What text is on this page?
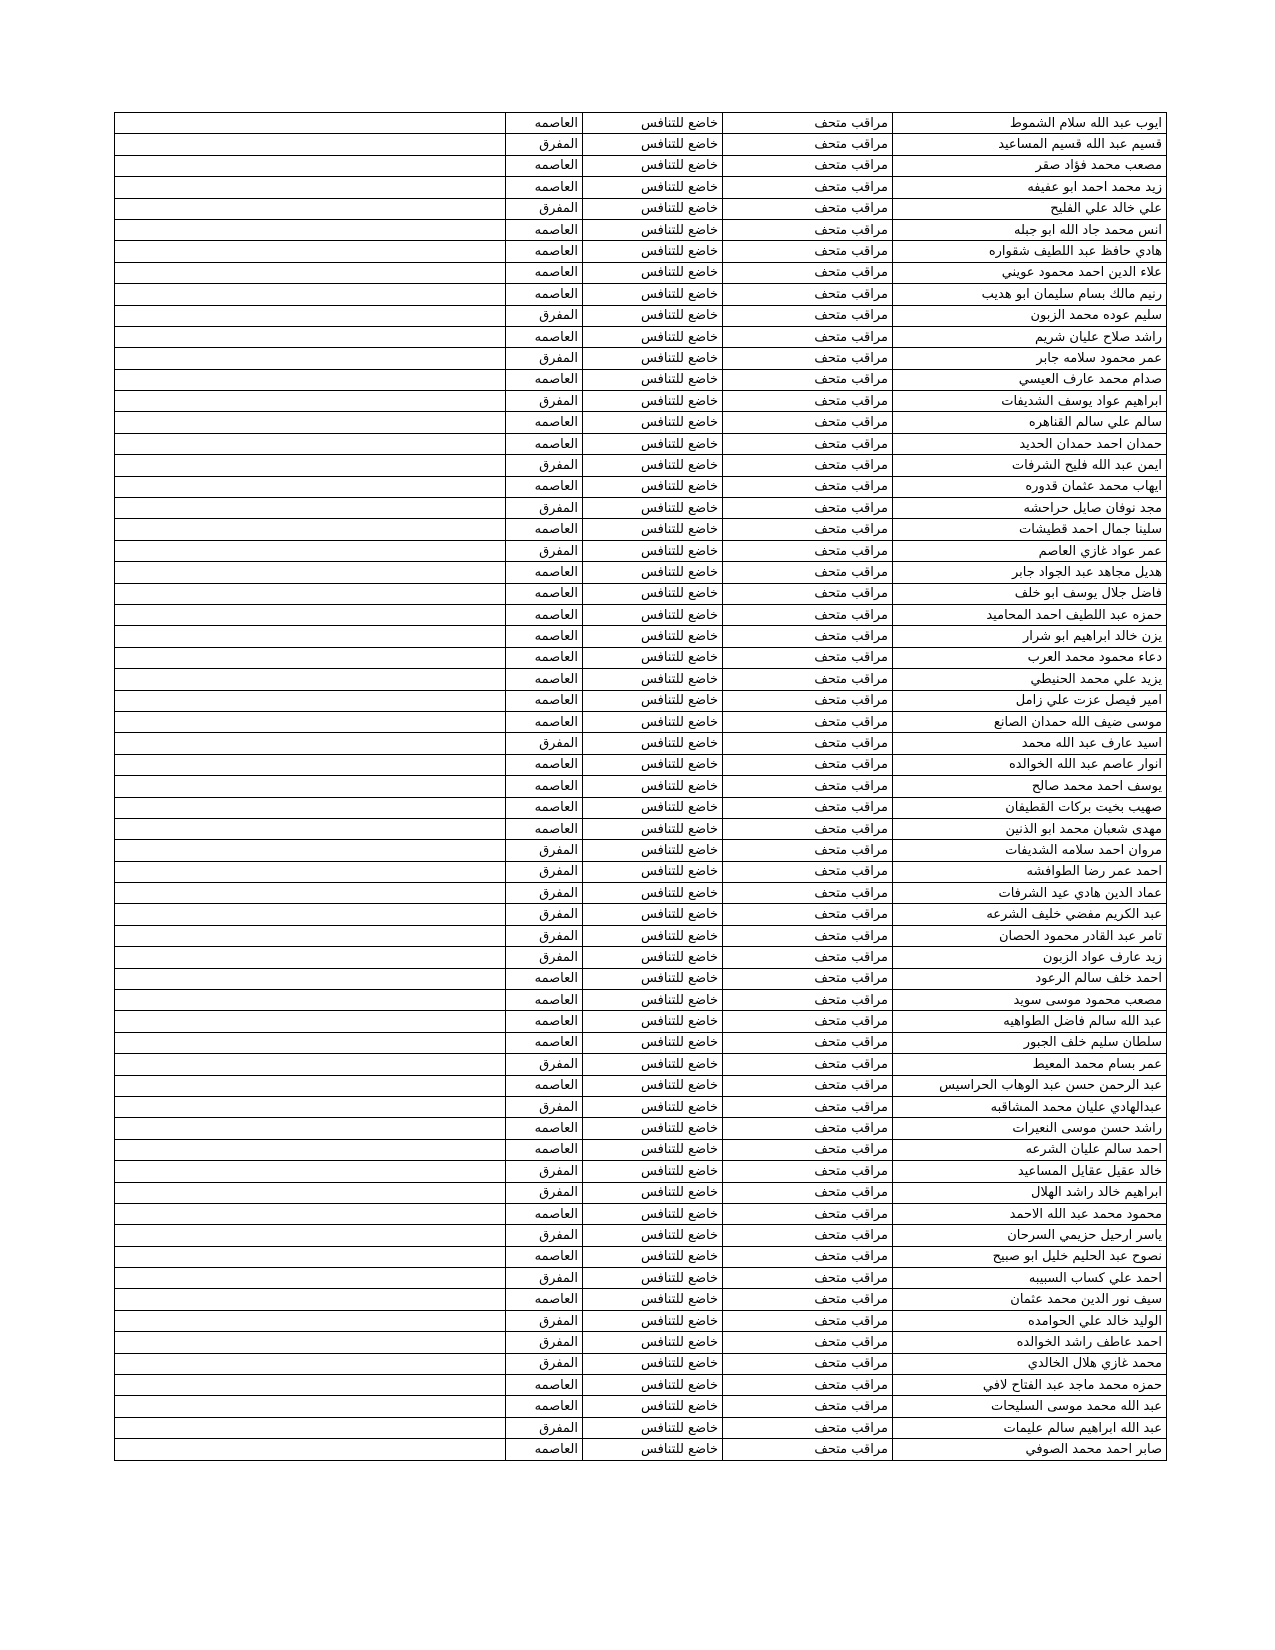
ايوب عبد الله سلام الشموط	مراقب متحف	خاضع للتنافس	العاصمه	
قسيم عبد الله قسيم المساعيد	مراقب متحف	خاضع للتنافس	المفرق	
مصعب محمد فؤاد صقر	مراقب متحف	خاضع للتنافس	العاصمه	
زيد محمد احمد ابو عفيفه	مراقب متحف	خاضع للتنافس	العاصمه	
علي خالد علي الفليح	مراقب متحف	خاضع للتنافس	المفرق	
انس محمد جاد الله ابو جبله	مراقب متحف	خاضع للتنافس	العاصمه	
هادي حافظ عبد اللطيف شقواره	مراقب متحف	خاضع للتنافس	العاصمه	
علاء الدين احمد محمود عويني	مراقب متحف	خاضع للتنافس	العاصمه	
رنيم مالك بسام سليمان ابو هديب	مراقب متحف	خاضع للتنافس	العاصمه	
سليم عوده محمد الزبون	مراقب متحف	خاضع للتنافس	المفرق	
راشد صلاح عليان شريم	مراقب متحف	خاضع للتنافس	العاصمه	
عمر محمود سلامه جابر	مراقب متحف	خاضع للتنافس	المفرق	
صدام محمد عارف العيسي	مراقب متحف	خاضع للتنافس	العاصمه	
ابراهيم عواد يوسف الشديفات	مراقب متحف	خاضع للتنافس	المفرق	
سالم علي سالم القناهره	مراقب متحف	خاضع للتنافس	العاصمه	
حمدان احمد حمدان الحديد	مراقب متحف	خاضع للتنافس	العاصمه	
ايمن عبد الله فليح الشرفات	مراقب متحف	خاضع للتنافس	المفرق	
ايهاب محمد عثمان قدوره	مراقب متحف	خاضع للتنافس	العاصمه	
مجد نوفان صايل حراحشه	مراقب متحف	خاضع للتنافس	المفرق	
سلينا جمال احمد قطيشات	مراقب متحف	خاضع للتنافس	العاصمه	
عمر عواد غازي العاصم	مراقب متحف	خاضع للتنافس	المفرق	
هديل مجاهد عبد الجواد جابر	مراقب متحف	خاضع للتنافس	العاصمه	
فاضل جلال يوسف ابو خلف	مراقب متحف	خاضع للتنافس	العاصمه	
حمزه عبد اللطيف احمد المحاميد	مراقب متحف	خاضع للتنافس	العاصمه	
يزن خالد ابراهيم ابو شرار	مراقب متحف	خاضع للتنافس	العاصمه	
دعاء محمود محمد العرب	مراقب متحف	خاضع للتنافس	العاصمه	
يزيد علي محمد الحنيطي	مراقب متحف	خاضع للتنافس	العاصمه	
امير فيصل عزت علي زامل	مراقب متحف	خاضع للتنافس	العاصمه	
موسى ضيف الله حمدان الصانع	مراقب متحف	خاضع للتنافس	العاصمه	
اسيد عارف عبد الله محمد	مراقب متحف	خاضع للتنافس	المفرق	
انوار عاصم عبد الله الخوالده	مراقب متحف	خاضع للتنافس	العاصمه	
يوسف احمد محمد صالح	مراقب متحف	خاضع للتنافس	العاصمه	
صهيب بخيت بركات القطيفان	مراقب متحف	خاضع للتنافس	العاصمه	
مهدى شعبان محمد ابو الذنين	مراقب متحف	خاضع للتنافس	العاصمه	
مروان احمد سلامه الشديفات	مراقب متحف	خاضع للتنافس	المفرق	
احمد عمر رضا الطوافشه	مراقب متحف	خاضع للتنافس	المفرق	
عماد الدين هادي عيد الشرفات	مراقب متحف	خاضع للتنافس	المفرق	
عبد الكريم مفضي خليف الشرعه	مراقب متحف	خاضع للتنافس	المفرق	
تامر عبد القادر محمود الحصان	مراقب متحف	خاضع للتنافس	المفرق	
زيد عارف عواد الزبون	مراقب متحف	خاضع للتنافس	المفرق	
احمد خلف سالم الرعود	مراقب متحف	خاضع للتنافس	العاصمه	
مصعب محمود موسى سويد	مراقب متحف	خاضع للتنافس	العاصمه	
عبد الله سالم فاضل الطواهيه	مراقب متحف	خاضع للتنافس	العاصمه	
سلطان سليم خلف الجبور	مراقب متحف	خاضع للتنافس	العاصمه	
عمر بسام محمد المعيط	مراقب متحف	خاضع للتنافس	المفرق	
عبد الرحمن حسن عبد الوهاب الحراسيس	مراقب متحف	خاضع للتنافس	العاصمه	
عبدالهادي عليان محمد المشاقبه	مراقب متحف	خاضع للتنافس	المفرق	
راشد حسن موسى النعيرات	مراقب متحف	خاضع للتنافس	العاصمه	
احمد سالم عليان الشرعه	مراقب متحف	خاضع للتنافس	العاصمه	
خالد عقيل عقايل المساعيد	مراقب متحف	خاضع للتنافس	المفرق	
ابراهيم خالد راشد الهلال	مراقب متحف	خاضع للتنافس	المفرق	
محمود محمد عبد الله الاحمد	مراقب متحف	خاضع للتنافس	العاصمه	
ياسر ارحيل حزيمي السرحان	مراقب متحف	خاضع للتنافس	المفرق	
نصوح عبد الحليم خليل ابو صبيح	مراقب متحف	خاضع للتنافس	العاصمه	
احمد علي كساب السبيبه	مراقب متحف	خاضع للتنافس	المفرق	
سيف نور الدين محمد عثمان	مراقب متحف	خاضع للتنافس	العاصمه	
الوليد خالد علي الحوامده	مراقب متحف	خاضع للتنافس	المفرق	
احمد عاطف راشد الخوالده	مراقب متحف	خاضع للتنافس	المفرق	
محمد غازي هلال الخالدي	مراقب متحف	خاضع للتنافس	المفرق	
حمزه محمد ماجد عبد الفتاح لافي	مراقب متحف	خاضع للتنافس	العاصمه	
عبد الله محمد موسى السليحات	مراقب متحف	خاضع للتنافس	العاصمه	
عبد الله ابراهيم سالم عليمات	مراقب متحف	خاضع للتنافس	المفرق	
صابر احمد محمد الصوفي	مراقب متحف	خاضع للتنافس	العاصمه	
